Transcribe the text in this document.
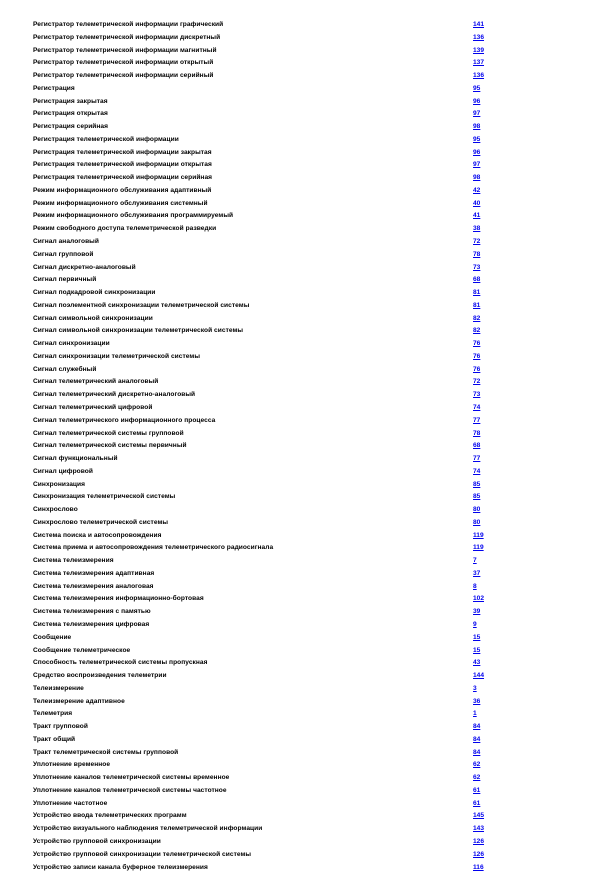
Регистратор телеметрической информации графический	141
Регистратор телеметрической информации дискретный	136
Регистратор телеметрической информации магнитный	139
Регистратор телеметрической информации открытый	137
Регистратор телеметрической информации серийный	136
Регистрация	95
Регистрация закрытая	96
Регистрация открытая	97
Регистрация серийная	98
Регистрация телеметрической информации	95
Регистрация телеметрической информации закрытая	96
Регистрация телеметрической информации открытая	97
Регистрация телеметрической информации серийная	98
Режим информационного обслуживания адаптивный	42
Режим информационного обслуживания системный	40
Режим информационного обслуживания программируемый	41
Режим свободного доступа телеметрической разведки	38
Сигнал аналоговый	72
Сигнал групповой	78
Сигнал дискретно-аналоговый	73
Сигнал первичный	68
Сигнал подкадровой синхронизации	81
Сигнал поэлементной синхронизации телеметрической системы	81
Сигнал символьной синхронизации	82
Сигнал символьной синхронизации телеметрической системы	82
Сигнал синхронизации	76
Сигнал синхронизации телеметрической системы	76
Сигнал служебный	76
Сигнал телеметрический аналоговый	72
Сигнал телеметрический дискретно-аналоговый	73
Сигнал телеметрический цифровой	74
Сигнал телеметрического информационного процесса	77
Сигнал телеметрической системы групповой	78
Сигнал телеметрической системы первичный	68
Сигнал функциональный	77
Сигнал цифровой	74
Синхронизация	85
Синхронизация телеметрической системы	85
Синхрослово	80
Синхрослово телеметрической системы	80
Система поиска и автосопровождения	119
Система приема и автосопровождения телеметрического радиосигнала	119
Система телеизмерения	7
Система телеизмерения адаптивная	37
Система телеизмерения аналоговая	8
Система телеизмерения информационно-бортовая	102
Система телеизмерения с памятью	39
Система телеизмерения цифровая	9
Сообщение	15
Сообщение телеметрическое	15
Способность телеметрической системы пропускная	43
Средство воспроизведения телеметрии	144
Телеизмерение	3
Телеизмерение адаптивное	36
Телеметрия	1
Тракт групповой	84
Тракт общий	84
Тракт телеметрической системы групповой	84
Уплотнение временное	62
Уплотнение каналов телеметрической системы временное	62
Уплотнение каналов телеметрической системы частотное	61
Уплотнение частотное	61
Устройство ввода телеметрических программ	145
Устройство визуального наблюдения телеметрической информации	143
Устройство групповой синхронизации	126
Устройство групповой синхронизации телеметрической системы	126
Устройство записи канала буферное телеизмерения	116
